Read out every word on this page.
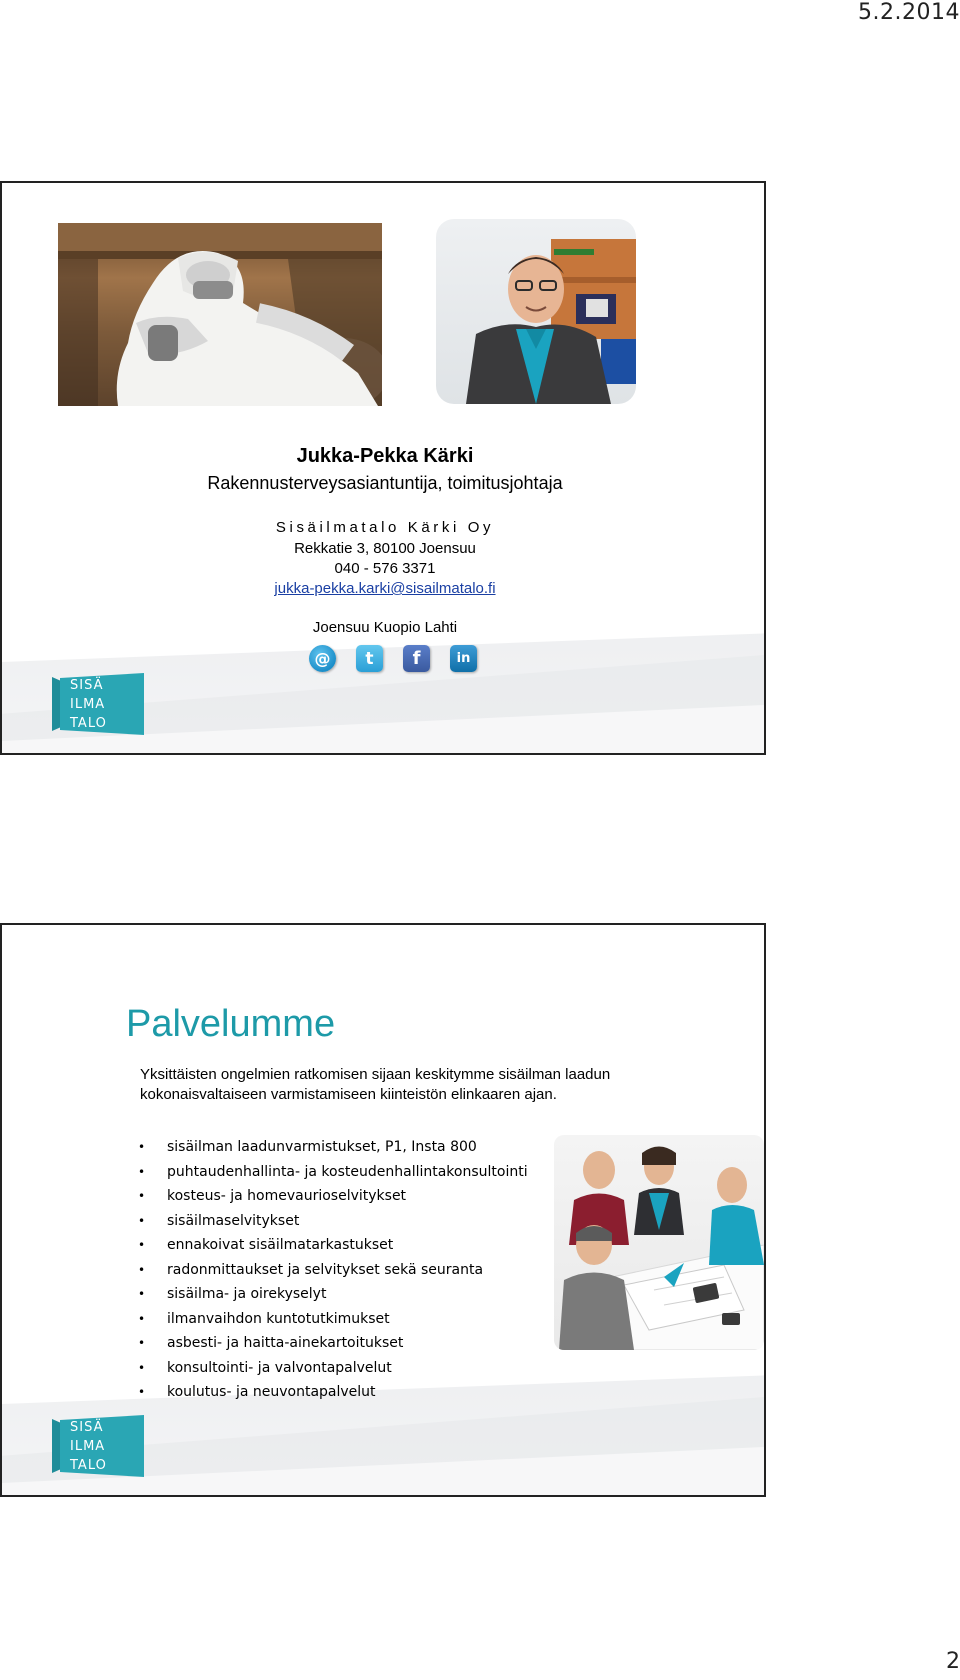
5.2.2014
Jukka-Pekka Kärki
Rakennusterveysasiantuntija, toimitusjohtaja
Sisäilmatalo Kärki Oy
Rekkatie 3, 80100 Joensuu
040 - 576 3371
jukka-pekka.karki@sisailmatalo.fi
Joensuu Kuopio Lahti
@	t	f	in
SISÄ
ILMA
TALO
Palvelumme
Yksittäisten ongelmien ratkomisen sijaan keskitymme sisäilman laadun kokonaisvaltaiseen varmistamiseen kiinteistön elinkaaren ajan.
• sisäilman laadunvarmistukset, P1, Insta 800
• puhtaudenhallinta- ja kosteudenhallintakonsultointi
• kosteus- ja homevaurioselvitykset
• sisäilmaselvitykset
• ennakoivat sisäilmatarkastukset
• radonmittaukset ja selvitykset sekä seuranta
• sisäilma- ja oirekyselyt
• ilmanvaihdon kuntotutkimukset
• asbesti- ja haitta-ainekartoitukset
• konsultointi- ja valvontapalvelut
• koulutus- ja neuvontapalvelut
SISÄ
ILMA
TALO
2
